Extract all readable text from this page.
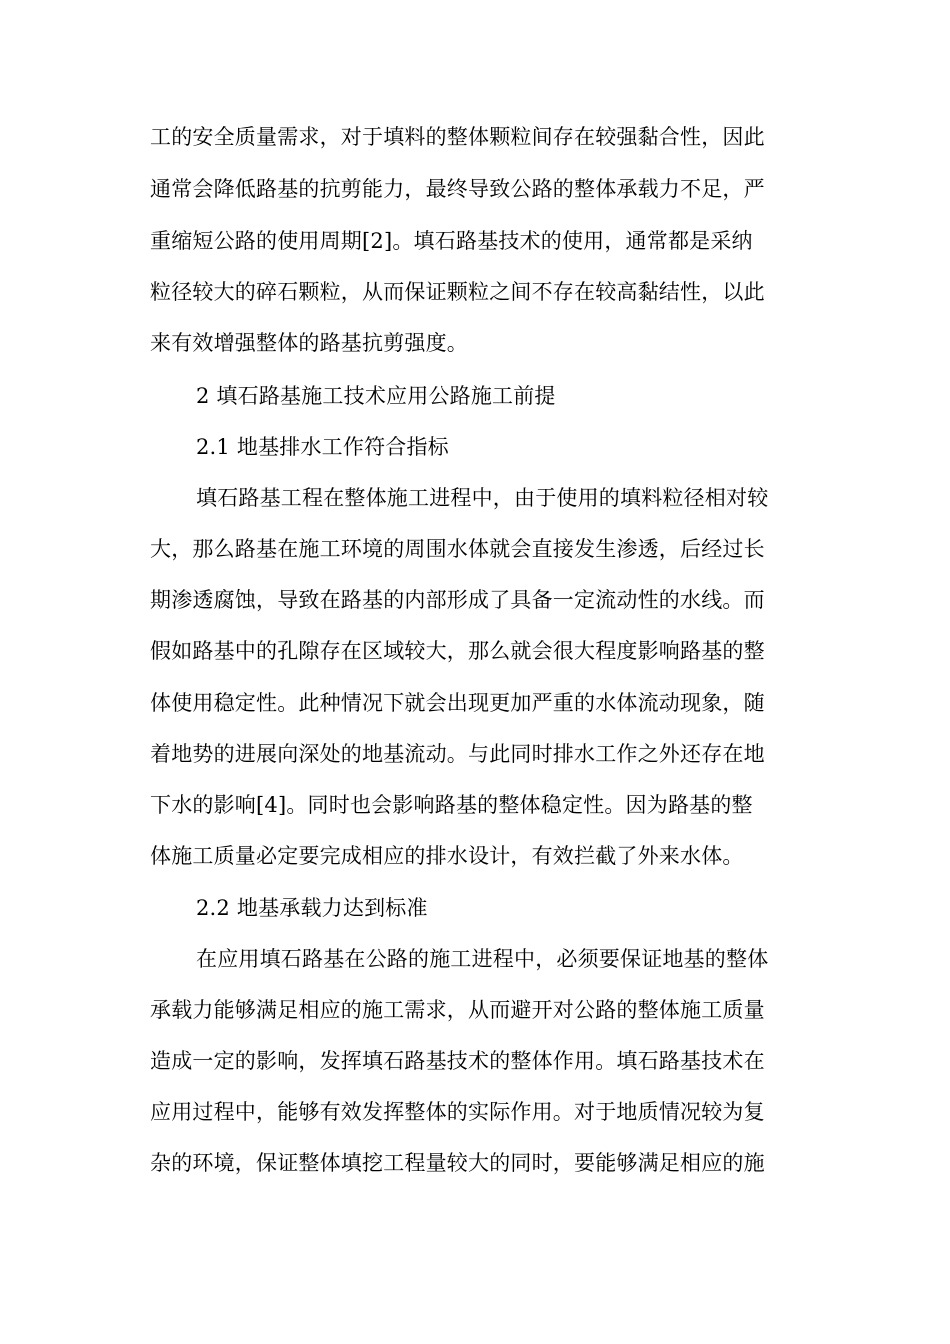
工的安全质量需求，对于填料的整体颗粒间存在较强黏合性，因此
通常会降低路基的抗剪能力，最终导致公路的整体承载力不足，严
重缩短公路的使用周期[2]。填石路基技术的使用，通常都是采纳
粒径较大的碎石颗粒，从而保证颗粒之间不存在较高黏结性，以此
来有效增强整体的路基抗剪强度。
2 填石路基施工技术应用公路施工前提
2.1 地基排水工作符合指标
填石路基工程在整体施工进程中，由于使用的填料粒径相对较
大，那么路基在施工环境的周围水体就会直接发生渗透，后经过长
期渗透腐蚀，导致在路基的内部形成了具备一定流动性的水线。而
假如路基中的孔隙存在区域较大，那么就会很大程度影响路基的整
体使用稳定性。此种情况下就会出现更加严重的水体流动现象，随
着地势的进展向深处的地基流动。与此同时排水工作之外还存在地
下水的影响[4]。同时也会影响路基的整体稳定性。因为路基的整
体施工质量必定要完成相应的排水设计，有效拦截了外来水体。
2.2 地基承载力达到标准
在应用填石路基在公路的施工进程中，必须要保证地基的整体
承载力能够满足相应的施工需求，从而避开对公路的整体施工质量
造成一定的影响，发挥填石路基技术的整体作用。填石路基技术在
应用过程中，能够有效发挥整体的实际作用。对于地质情况较为复
杂的环境，保证整体填挖工程量较大的同时，要能够满足相应的施
